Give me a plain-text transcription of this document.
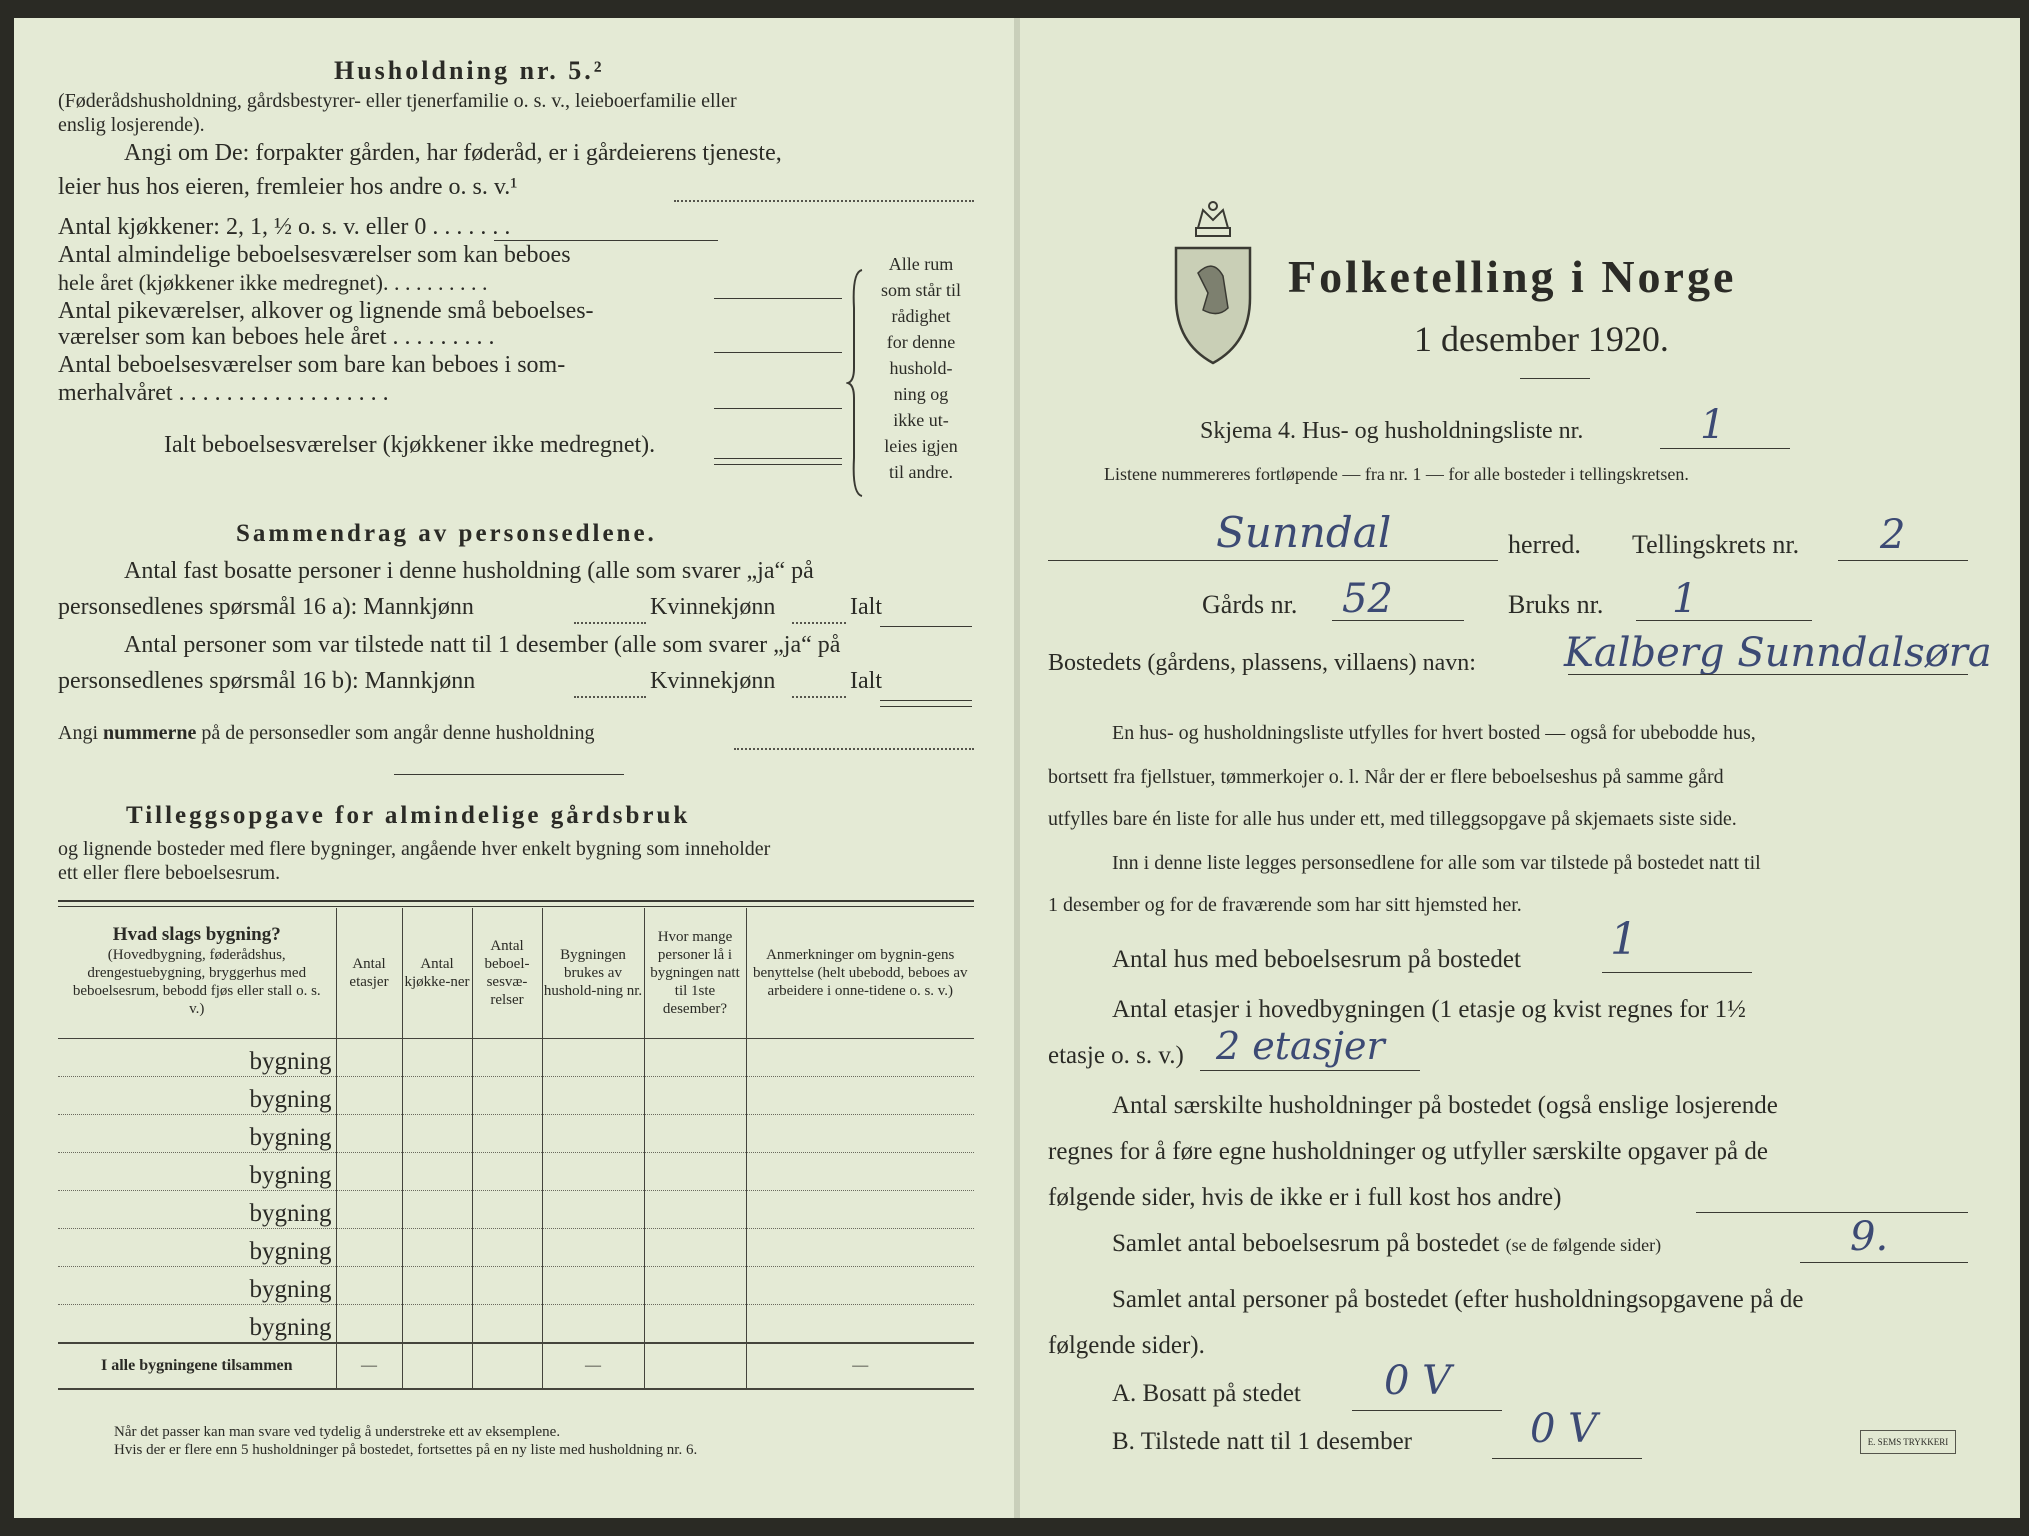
Husholdning nr. 5.²
(Føderådshusholdning, gårdsbestyrer- eller tjenerfamilie o. s. v., leieboerfamilie eller
enslig losjerende).
Angi om De: forpakter gården, har føderåd, er i gårdeierens tjeneste,
leier hus hos eieren, fremleier hos andre o. s. v.¹
Antal kjøkkener: 2, 1, ½ o. s. v. eller 0 . . . . . . .
Antal almindelige beboelsesværelser som kan beboes
hele året (kjøkkener ikke medregnet). . . . . . . . . .
Antal pikeværelser, alkover og lignende små beboelses-
værelser som kan beboes hele året . . . . . . . . .
Antal beboelsesværelser som bare kan beboes i som-
merhalvåret . . . . . . . . . . . . . . . . . .
Ialt beboelsesværelser (kjøkkener ikke medregnet).
Alle rum
som står til
rådighet
for denne
hushold-
ning og
ikke ut-
leies igjen
til andre.
Sammendrag av personsedlene.
Antal fast bosatte personer i denne husholdning (alle som svarer „ja“ på
personsedlenes spørsmål 16 a): Mannkjønn	Kvinnekjønn	Ialt
Antal personer som var tilstede natt til 1 desember (alle som svarer „ja“ på
personsedlenes spørsmål 16 b): Mannkjønn	Kvinnekjønn	Ialt
Angi nummerne på de personsedler som angår denne husholdning
Tilleggsopgave for almindelige gårdsbruk
og lignende bosteder med flere bygninger, angående hver enkelt bygning som inneholder
ett eller flere beboelsesrum.
Hvad slags bygning?
(Hovedbygning, føderådshus, drengestuebygning, bryggerhus med beboelsesrum, bebodd fjøs eller stall o. s. v.)	Antal etasjer	Antal kjøkke-ner	Antal beboel-sesvæ-relser	Bygningen brukes av hushold-ning nr.	Hvor mange personer lå i bygningen natt til 1ste desember?	Anmerkninger om bygnin-gens benyttelse (helt ubebodd, beboes av arbeidere i onne-tidene o. s. v.)
bygning						
bygning						
bygning						
bygning						
bygning						
bygning						
bygning						
bygning						
I alle bygningene tilsammen	—			—		—
Når det passer kan man svare ved tydelig å understreke ett av eksemplene.
Hvis der er flere enn 5 husholdninger på bostedet, fortsettes på en ny liste med husholdning nr. 6.
Folketelling i Norge
1 desember 1920.
Skjema 4. Hus- og husholdningsliste nr.	1
Listene nummereres fortløpende — fra nr. 1 — for alle bosteder i tellingskretsen.
Sunndal	herred. Tellingskrets nr. 2
Gårds nr. 52	Bruks nr. 1
Bostedets (gårdens, plassens, villaens) navn: Kalberg Sunndalsøra
En hus- og husholdningsliste utfylles for hvert bosted — også for ubebodde hus,
bortsett fra fjellstuer, tømmerkojer o. l. Når der er flere beboelseshus på samme gård
utfylles bare én liste for alle hus under ett, med tilleggsopgave på skjemaets siste side.
Inn i denne liste legges personsedlene for alle som var tilstede på bostedet natt til
1 desember og for de fraværende som har sitt hjemsted her.
Antal hus med beboelsesrum på bostedet 1
Antal etasjer i hovedbygningen (1 etasje og kvist regnes for 1½
etasje o. s. v.) 2 etasjer
Antal særskilte husholdninger på bostedet (også enslige losjerende
regnes for å føre egne husholdninger og utfyller særskilte opgaver på de
følgende sider, hvis de ikke er i full kost hos andre)
Samlet antal beboelsesrum på bostedet (se de følgende sider)	9.
Samlet antal personer på bostedet (efter husholdningsopgavene på de
følgende sider).
A. Bosatt på stedet 0 V
B. Tilstede natt til 1 desember	0 V	E. SEMS TRYKKERI
